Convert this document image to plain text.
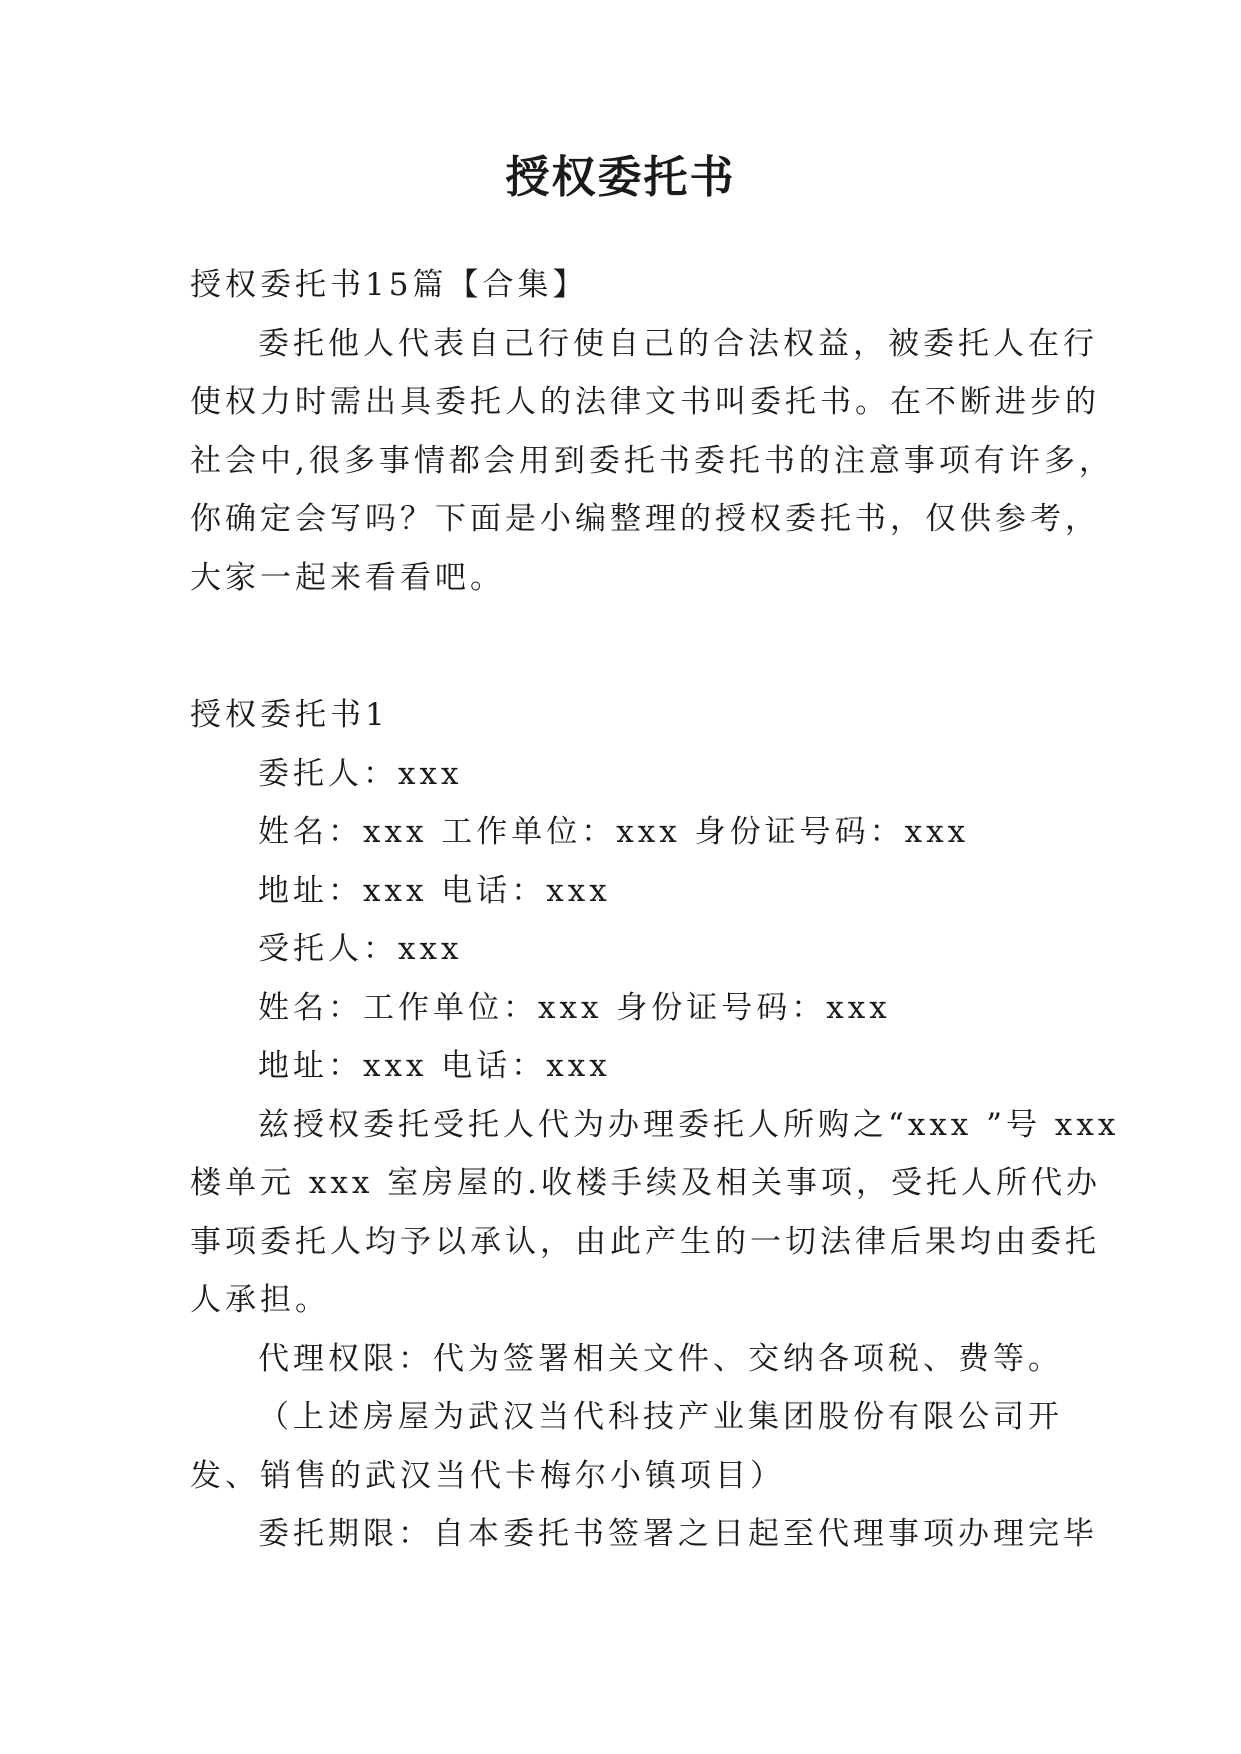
授权委托书
授权委托书15篇【合集】
委托他人代表自己行使自己的合法权益，被委托人在行
使权力时需出具委托人的法律文书叫委托书。在不断进步的
社会中,很多事情都会用到委托书委托书的注意事项有许多，
你确定会写吗？下面是小编整理的授权委托书，仅供参考，
大家一起来看看吧。
授权委托书1
委托人：xxx
姓名：xxx 工作单位：xxx 身份证号码：xxx
地址：xxx 电话：xxx
受托人：xxx
姓名：工作单位：xxx 身份证号码：xxx
地址：xxx 电话：xxx
兹授权委托受托人代为办理委托人所购之“xxx ”号 xxx
楼单元 xxx 室房屋的.收楼手续及相关事项，受托人所代办
事项委托人均予以承认，由此产生的一切法律后果均由委托
人承担。
代理权限：代为签署相关文件、交纳各项税、费等。
（上述房屋为武汉当代科技产业集团股份有限公司开
发、销售的武汉当代卡梅尔小镇项目）
委托期限：自本委托书签署之日起至代理事项办理完毕
